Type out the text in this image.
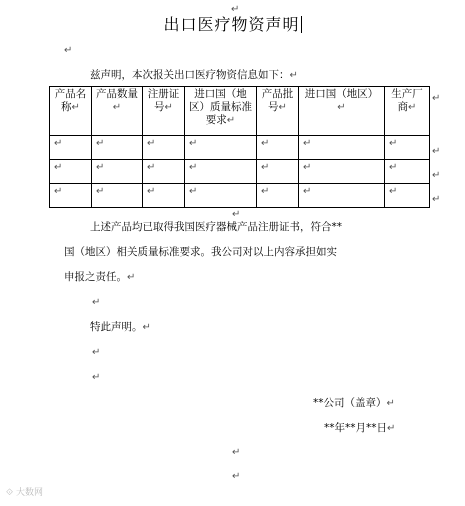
出口医疗物资声明
↵
↵
兹声明，本次报关出口医疗物资信息如下：↵
产品名称↵	产品数量↵	注册证号↵	进口国（地区）质量标准要求↵	产品批号↵	进口国（地区）↵	生产厂商↵
↵	↵	↵	↵	↵	↵	↵
↵	↵	↵	↵	↵	↵	↵
↵	↵	↵	↵	↵	↵	↵
↵
↵
↵
↵
↵
上述产品均已取得我国医疗器械产品注册证书，符合**
国（地区）相关质量标准要求。我公司对以上内容承担如实
申报之责任。↵
↵
特此声明。↵
↵
↵
**公司（盖章）↵
**年**月**日↵
↵
↵
⟐ 大数网
